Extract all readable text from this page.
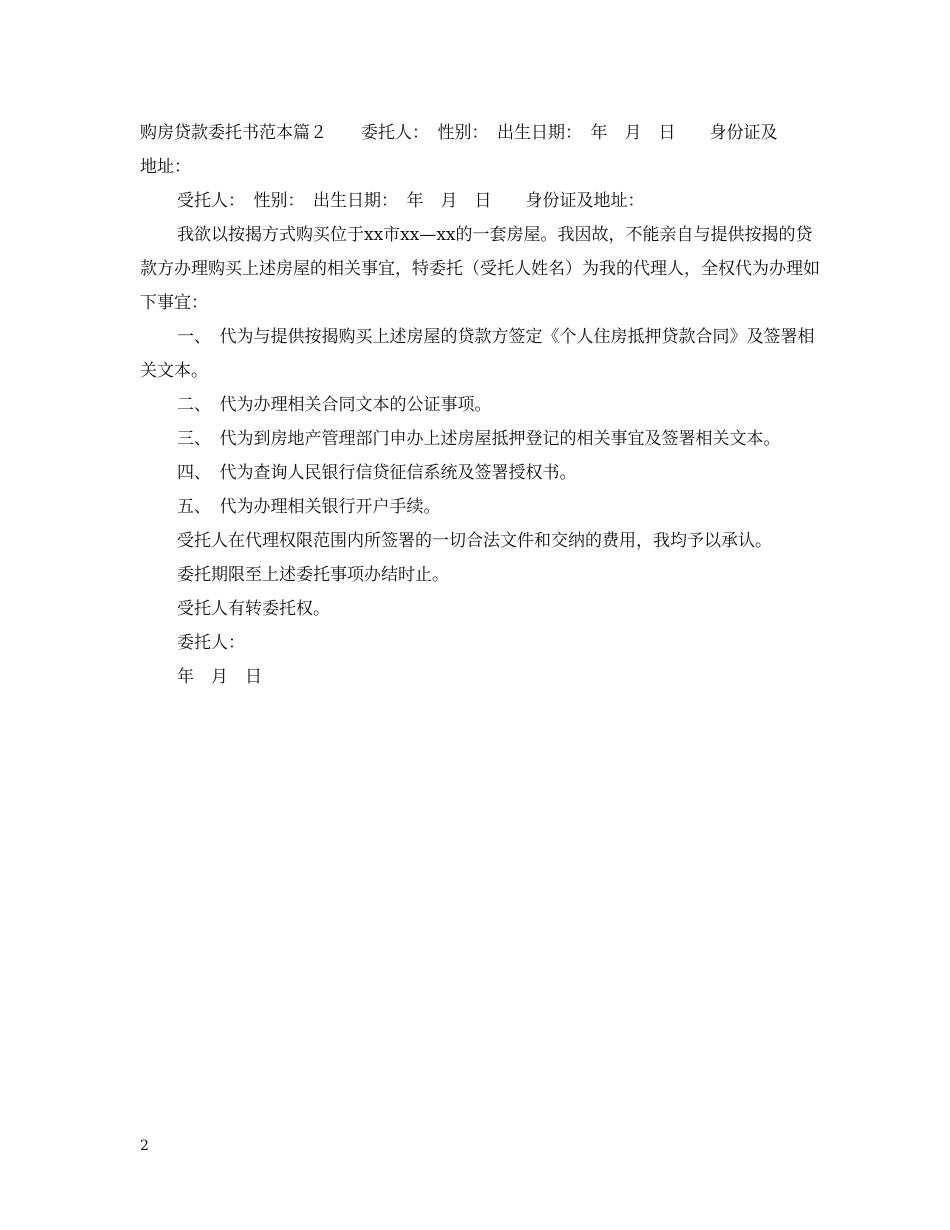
购房贷款委托书范本篇２　　委托人：　性别：　出生日期：　年　月　日　　身份证及

地址：

受托人：　性别：　出生日期：　年　月　日　　身份证及地址：

我欲以按揭方式购买位于xx市xx—xx的一套房屋。我因故，不能亲自与提供按揭的贷款方办理购买上述房屋的相关事宜，特委托（受托人姓名）为我的代理人，全权代为办理如下事宜：

一、　代为与提供按揭购买上述房屋的贷款方签定《个人住房抵押贷款合同》及签署相关文本。

二、　代为办理相关合同文本的公证事项。

三、　代为到房地产管理部门申办上述房屋抵押登记的相关事宜及签署相关文本。

四、　代为查询人民银行信贷征信系统及签署授权书。

五、　代为办理相关银行开户手续。

受托人在代理权限范围内所签署的一切合法文件和交纳的费用，我均予以承认。

委托期限至上述委托事项办结时止。

受托人有转委托权。

委托人：

年　月　日

2
